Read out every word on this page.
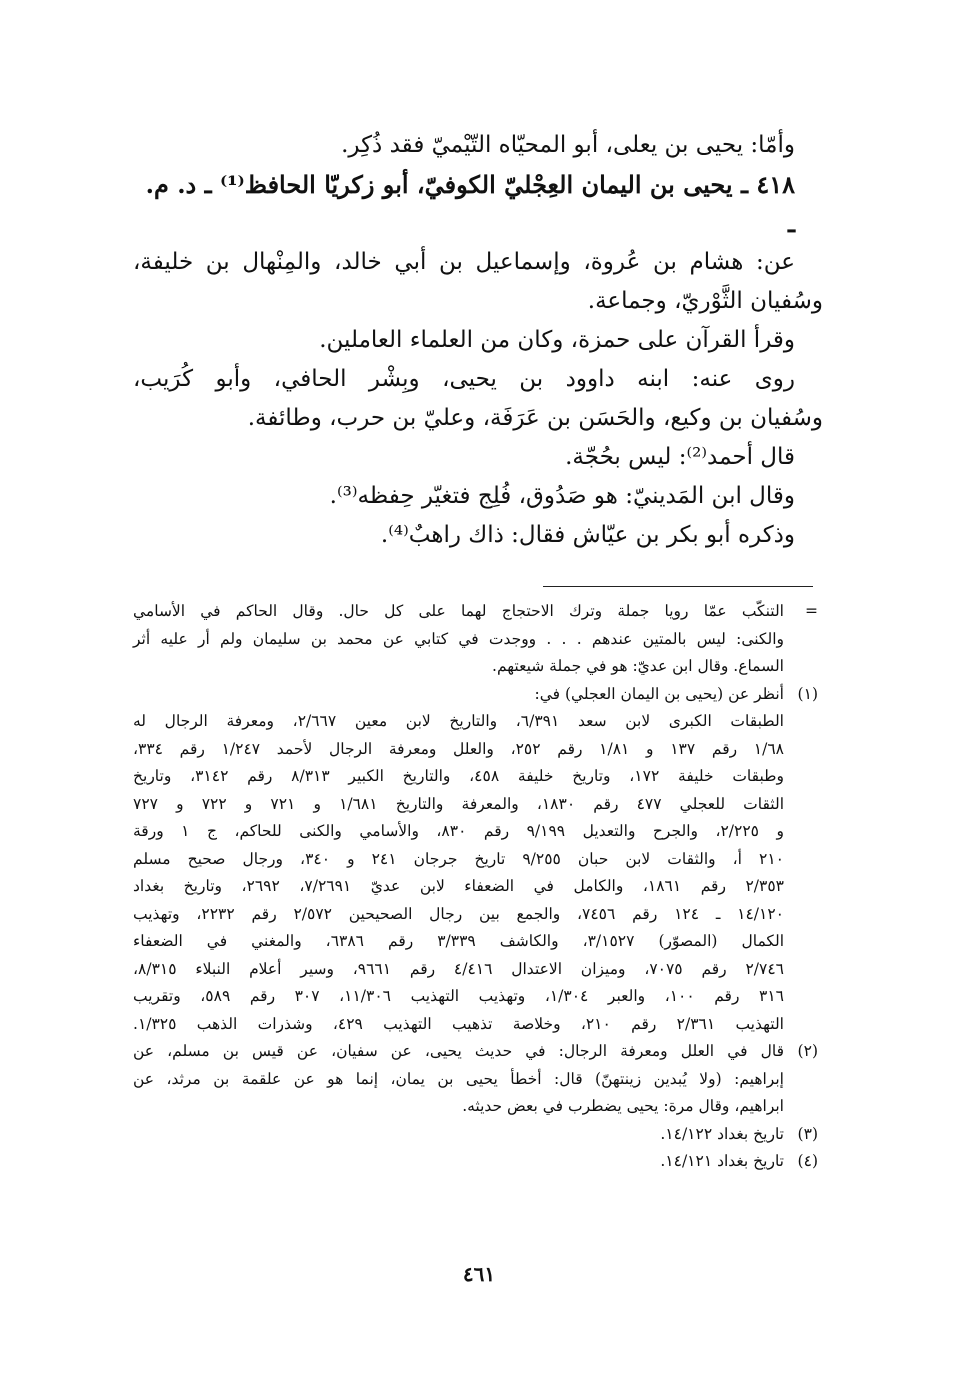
وأمّا: يحيى بن يعلى، أبو المحيّاه التّيْميّ فقد ذُكِر.

٤١٨ ـ يحيى بن اليمان العِجْليّ الكوفيّ، أبو زكريّا الحافظ⁽¹⁾ ـ د. م. ـ

عن: هشام بن عُروة، وإسماعيل بن أبي خالد، والمِنْهال بن خليفة،

وسُفيان الثَّوْريّ، وجماعة.

وقرأ القرآن على حمزة، وكان من العلماء العاملين.

روى عنه: ابنه داوود بن يحيى، وبِشْر الحافي، وأبو كُرَيب،

وسُفيان بن وكيع، والحَسَن بن عَرَفَة، وعليّ بن حرب، وطائفة.

قال أحمد⁽²⁾: ليس بحُجّة.

وقال ابن المَدينيّ: هو صَدُوق، فُلِج فتغيّر حِفظه⁽³⁾.

وذكره أبو بكر بن عيّاش فقال: ذاك راهبٌ⁽⁴⁾.

=
التنكّب عمّا رويا جملة وترك الاحتجاج لهما على كل حال. وقال الحاكم في الأسامي
والكنى: ليس بالمتين عندهم . . . ووجدت في كتابي عن محمد بن سليمان ولم أر عليه أثر
السماع. وقال ابن عديّ: هو في جملة شيعتهم.
(١)
أنظر عن (يحيى بن اليمان العجلي) في:
الطبقات الكبرى لابن سعد ٦/٣٩١، والتاريخ لابن معين ٢/٦٦٧، ومعرفة الرجال له
١/٦٨ رقم ١٣٧ و ١/٨١ رقم ٢٥٢، والعلل ومعرفة الرجال لأحمد ١/٢٤٧ رقم ٣٣٤،
وطبقات خليفة ١٧٢، وتاريخ خليفة ٤٥٨، والتاريخ الكبير ٨/٣١٣ رقم ٣١٤٢، وتاريخ
الثقات للعجلي ٤٧٧ رقم ١٨٣٠، والمعرفة والتاريخ ١/٦٨١ و ٧٢١ و ٧٢٢ و ٧٢٧
و ٢/٢٢٥، والجرح والتعديل ٩/١٩٩ رقم ٨٣٠، والأسامي والكنى للحاكم، ج ١ ورقة
٢١٠ أ، والثقات لابن حبان ٩/٢٥٥ تاريخ جرجان ٢٤١ و ٣٤٠، ورجال صحيح مسلم
٢/٣٥٣ رقم ١٨٦١، والكامل في الضعفاء لابن عديّ ٧/٢٦٩١، ٢٦٩٢، وتاريخ بغداد
١٤/١٢٠ ـ ١٢٤ رقم ٧٤٥٦، والجمع بين رجال الصحيحين ٢/٥٧٢ رقم ٢٢٣٢، وتهذيب
الكمال (المصوّر) ٣/١٥٢٧، والكاشف ٣/٣٣٩ رقم ٦٣٨٦، والمغني في الضعفاء
٢/٧٤٦ رقم ٧٠٧٥، وميزان الاعتدال ٤/٤١٦ رقم ٩٦٦١، وسير أعلام النبلاء ٨/٣١٥،
٣١٦ رقم ١٠٠، والعبر ١/٣٠٤، وتهذيب التهذيب ١١/٣٠٦، ٣٠٧ رقم ٥٨٩، وتقريب
التهذيب ٢/٣٦١ رقم ٢١٠، وخلاصة تذهيب التهذيب ٤٢٩، وشذرات الذهب ١/٣٢٥.
(٢)
قال في العلل ومعرفة الرجال: في حديث يحيى، عن سفيان، عن قيس بن مسلم، عن
إبراهيم: (ولا يُبدين زينتهنّ) قال: أخطأ يحيى بن يمان، إنما هو عن علقمة بن مرثد، عن
ابراهيم، وقال مرة: يحيى يضطرب في بعض حديثه.
(٣)
تاريخ بغداد ١٤/١٢٢.
(٤)
تاريخ بغداد ١٤/١٢١.
٤٦١
